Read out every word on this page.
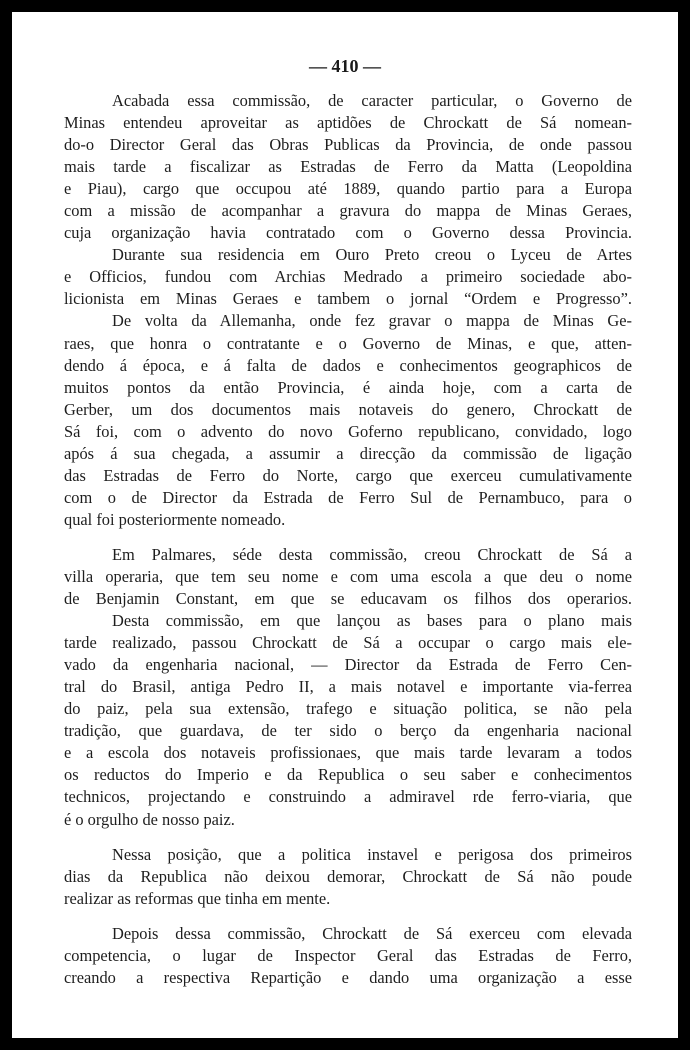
— 410 —
Acabada essa commissão, de caracter particular, o Governo de
Minas entendeu aproveitar as aptidões de Chrockatt de Sá nomean-
do-o Director Geral das Obras Publicas da Provincia, de onde passou
mais tarde a fiscalizar as Estradas de Ferro da Matta (Leopoldina
e Piau), cargo que occupou até 1889, quando partio para a Europa
com a missão de acompanhar a gravura do mappa de Minas Geraes,
cuja organização havia contratado com o Governo dessa Provincia.
Durante sua residencia em Ouro Preto creou o Lyceu de Artes
e Officios, fundou com Archias Medrado a primeiro sociedade abo-
licionista em Minas Geraes e tambem o jornal “Ordem e Progresso”.
De volta da Allemanha, onde fez gravar o mappa de Minas Ge-
raes, que honra o contratante e o Governo de Minas, e que, atten-
dendo á época, e á falta de dados e conhecimentos geographicos de
muitos pontos da então Provincia, é ainda hoje, com a carta de
Gerber, um dos documentos mais notaveis do genero, Chrockatt de
Sá foi, com o advento do novo Goferno republicano, convidado, logo
após á sua chegada, a assumir a direcção da commissão de ligação
das Estradas de Ferro do Norte, cargo que exerceu cumulativamente
com o de Director da Estrada de Ferro Sul de Pernambuco, para o
qual foi posteriormente nomeado.
Em Palmares, séde desta commissão, creou Chrockatt de Sá a
villa operaria, que tem seu nome e com uma escola a que deu o nome
de Benjamin Constant, em que se educavam os filhos dos operarios.
Desta commissão, em que lançou as bases para o plano mais
tarde realizado, passou Chrockatt de Sá a occupar o cargo mais ele-
vado da engenharia nacional, — Director da Estrada de Ferro Cen-
tral do Brasil, antiga Pedro II, a mais notavel e importante via-ferrea
do paiz, pela sua extensão, trafego e situação politica, se não pela
tradição, que guardava, de ter sido o berço da engenharia nacional
e a escola dos notaveis profissionaes, que mais tarde levaram a todos
os reductos do Imperio e da Republica o seu saber e conhecimentos
technicos, projectando e construindo a admiravel rde ferro-viaria, que
é o orgulho de nosso paiz.
Nessa posição, que a politica instavel e perigosa dos primeiros
dias da Republica não deixou demorar, Chrockatt de Sá não poude
realizar as reformas que tinha em mente.
Depois dessa commissão, Chrockatt de Sá exerceu com elevada
competencia, o lugar de Inspector Geral das Estradas de Ferro,
creando a respectiva Repartição e dando uma organização a esse
